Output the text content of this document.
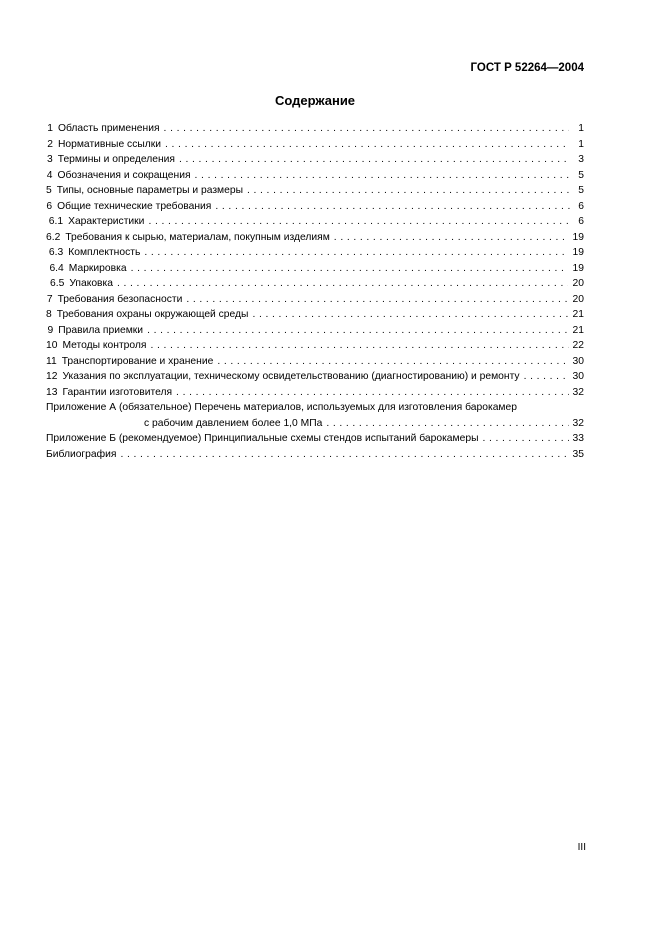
ГОСТ Р 52264—2004
Содержание
1 Область применения . . .	1
2 Нормативные ссылки . . .	1
3 Термины и определения . . .	3
4 Обозначения и сокращения . . .	5
5 Типы, основные параметры и размеры . . .	5
6 Общие технические требования . . .	6
6.1 Характеристики . . .	6
6.2 Требования к сырью, материалам, покупным изделиям . . .	19
6.3 Комплектность . . .	19
6.4 Маркировка . . .	19
6.5 Упаковка . . .	20
7 Требования безопасности . . .	20
8 Требования охраны окружающей среды . . .	21
9 Правила приемки . . .	21
10 Методы контроля . . .	22
11 Транспортирование и хранение . . .	30
12 Указания по эксплуатации, техническому освидетельствованию (диагностированию) и ремонту . . .	30
13 Гарантии изготовителя . . .	32
Приложение А (обязательное) Перечень материалов, используемых для изготовления барокамер
с рабочим давлением более 1,0 МПа . . .	32
Приложение Б (рекомендуемое) Принципиальные схемы стендов испытаний барокамеры . . .	33
Библиография . . .	35
III
